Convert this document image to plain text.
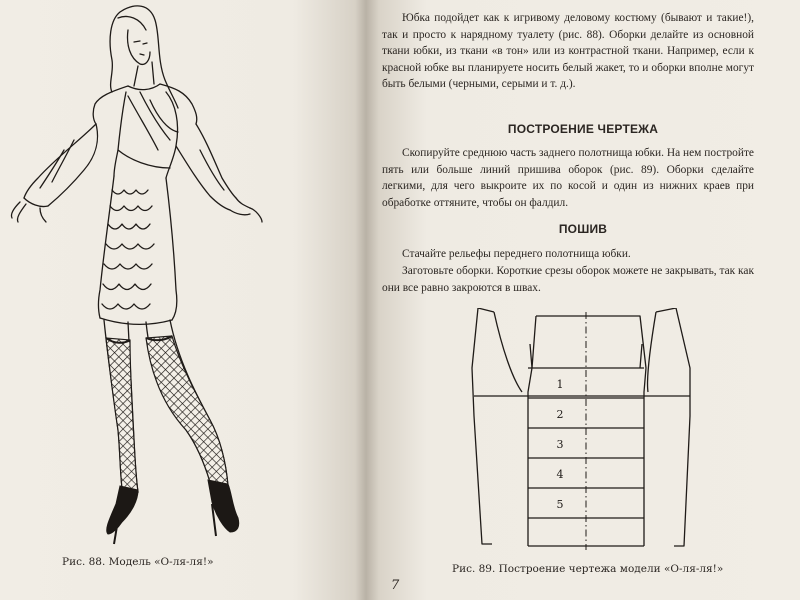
Рис. 88. Модель «О-ля-ля!»
Юбка подойдет как к игривому деловому костюму (бывают и такие!), так и просто к нарядному туалету (рис. 88). Оборки делайте из основной ткани юбки, из ткани «в тон» или из контрастной ткани. Например, если к красной юбке вы планируете носить белый жакет, то и оборки вполне могут быть белыми (черными, серыми и т. д.).
ПОСТРОЕНИЕ ЧЕРТЕЖА
Скопируйте среднюю часть заднего полотнища юбки. На нем постройте пять или больше линий пришива оборок (рис. 89). Оборки сделайте легкими, для чего выкроите их по косой и один из нижних краев при обработке оттяните, чтобы он фалдил.
ПОШИВ
Стачайте рельефы переднего полотнища юбки.
Заготовьте оборки. Короткие срезы оборок можете не закрывать, так как они все равно закроются в швах.
1
2
3
4
5
Рис. 89. Построение чертежа модели «О-ля-ля!»
7
